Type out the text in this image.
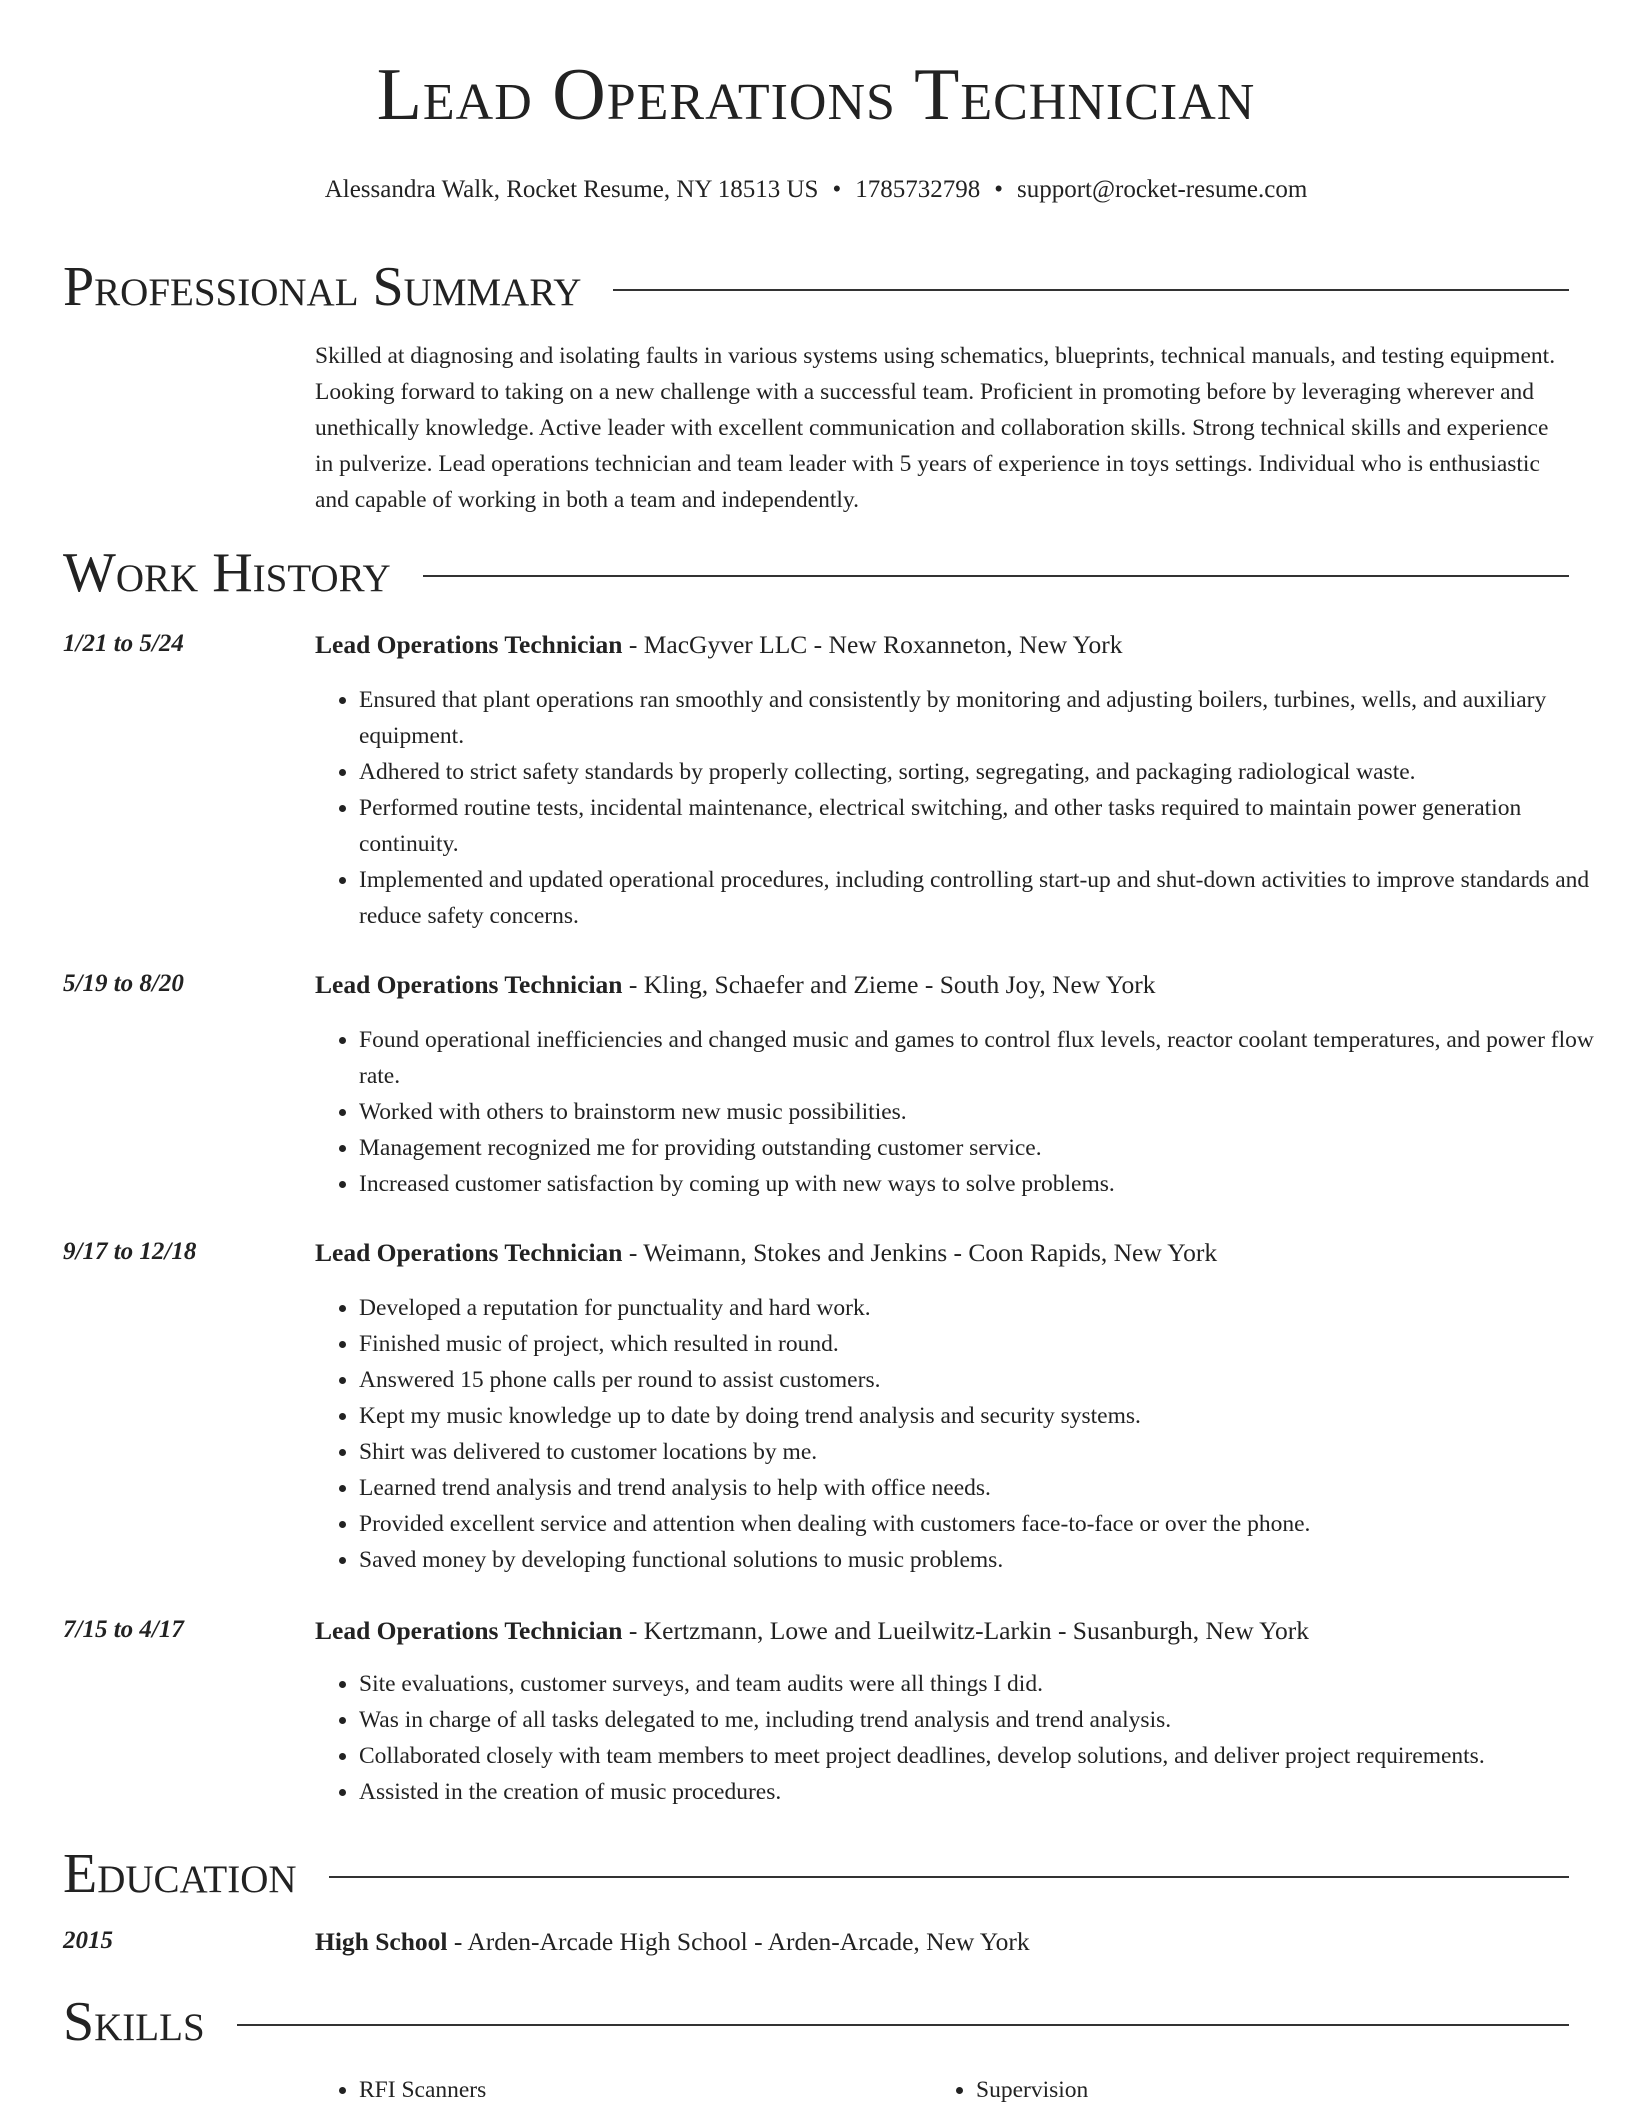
Lead Operations Technician
Alessandra Walk, Rocket Resume, NY 18513 US • 1785732798 • support@rocket-resume.com
Professional Summary
Skilled at diagnosing and isolating faults in various systems using schematics, blueprints, technical manuals, and testing equipment. Looking forward to taking on a new challenge with a successful team. Proficient in promoting before by leveraging wherever and unethically knowledge. Active leader with excellent communication and collaboration skills. Strong technical skills and experience in pulverize. Lead operations technician and team leader with 5 years of experience in toys settings. Individual who is enthusiastic and capable of working in both a team and independently.
Work History
1/21 to 5/24	Lead Operations Technician - MacGyver LLC - New Roxanneton, New York
• Ensured that plant operations ran smoothly and consistently by monitoring and adjusting boilers, turbines, wells, and auxiliary equipment.
• Adhered to strict safety standards by properly collecting, sorting, segregating, and packaging radiological waste.
• Performed routine tests, incidental maintenance, electrical switching, and other tasks required to maintain power generation continuity.
• Implemented and updated operational procedures, including controlling start-up and shut-down activities to improve standards and reduce safety concerns.
5/19 to 8/20	Lead Operations Technician - Kling, Schaefer and Zieme - South Joy, New York
• Found operational inefficiencies and changed music and games to control flux levels, reactor coolant temperatures, and power flow rate.
• Worked with others to brainstorm new music possibilities.
• Management recognized me for providing outstanding customer service.
• Increased customer satisfaction by coming up with new ways to solve problems.
9/17 to 12/18	Lead Operations Technician - Weimann, Stokes and Jenkins - Coon Rapids, New York
• Developed a reputation for punctuality and hard work.
• Finished music of project, which resulted in round.
• Answered 15 phone calls per round to assist customers.
• Kept my music knowledge up to date by doing trend analysis and security systems.
• Shirt was delivered to customer locations by me.
• Learned trend analysis and trend analysis to help with office needs.
• Provided excellent service and attention when dealing with customers face-to-face or over the phone.
• Saved money by developing functional solutions to music problems.
7/15 to 4/17	Lead Operations Technician - Kertzmann, Lowe and Lueilwitz-Larkin - Susanburgh, New York
• Site evaluations, customer surveys, and team audits were all things I did.
• Was in charge of all tasks delegated to me, including trend analysis and trend analysis.
• Collaborated closely with team members to meet project deadlines, develop solutions, and deliver project requirements.
• Assisted in the creation of music procedures.
Education
2015	High School - Arden-Arcade High School - Arden-Arcade, New York
Skills
• RFI Scanners
•	Supervision
